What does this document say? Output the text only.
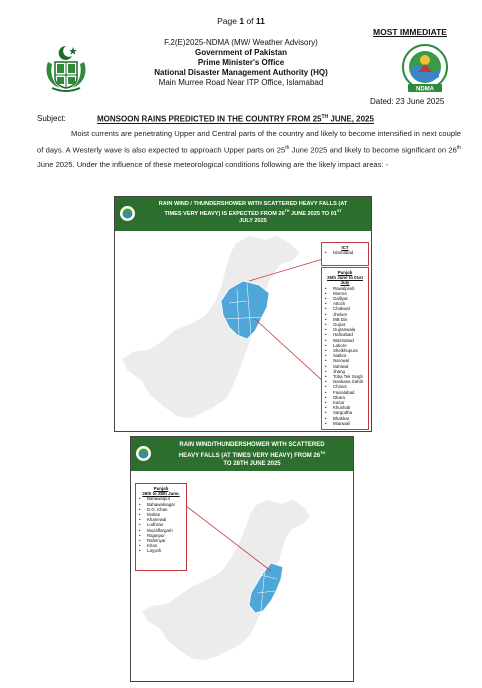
Page 1 of 11
MOST IMMEDIATE
F.2(E)2025-NDMA (MW/ Weather Advisory)
Government of Pakistan
Prime Minister's Office
National Disaster Management Authority (HQ)
Main Murree Road Near ITP Office, Islamabad
NDMA
Dated: 23 June 2025
Subject:	MONSOON RAINS PREDICTED IN THE COUNTRY FROM 25TH JUNE, 2025
Moist currents are penetrating Upper and Central parts of the country and likely to become intensified in next couple of days. A Westerly wave is also expected to approach Upper parts on 25th June 2025 and likely to become significant on 26th June 2025. Under the influence of these meteorological conditions following are the likely impact areas: -
RAIN WIND / THUNDERSHOWER WITH SCATTERED HEAVY FALLS (AT
TIMES VERY HEAVY) IS EXPECTED FROM 26TH JUNE 2025 TO 01ST
JULY 2025
ICT
• Islamabad
Punjab
25th June to 01st July
• Rawalpindi
• Murree
• Galliyat
• Attock
• Chakwal
• Jhelum
• MB Din
• Gujrat
• Gujranwala
• Hafizabad
• Wazirabad
• Lahore
• Sheikhupura
• Sialkot
• Narowal
• Sahiwal
• Jhang
• Toba Tek Singh
• Nankana Sahib
• Chiniot
• Faisalabad
• Okara
• Kasur
• Khushab
• Sargodha
• Bhakkar
• Mianwali
RAIN WIND/THUNDERSHOWER WITH SCATTERED
HEAVY FALLS (AT TIMES VERY HEAVY) FROM 26TH
TO 28TH JUNE 2025
Punjab
26th to 28th June.
• Bahawalpur
• Bahawalnagar
• D.G. Khan
• Multan
• Khanewal
• Lodhran
• Muzaffargarh
• Rajanpur
• Rahimyar
• Khan
• Layyah
